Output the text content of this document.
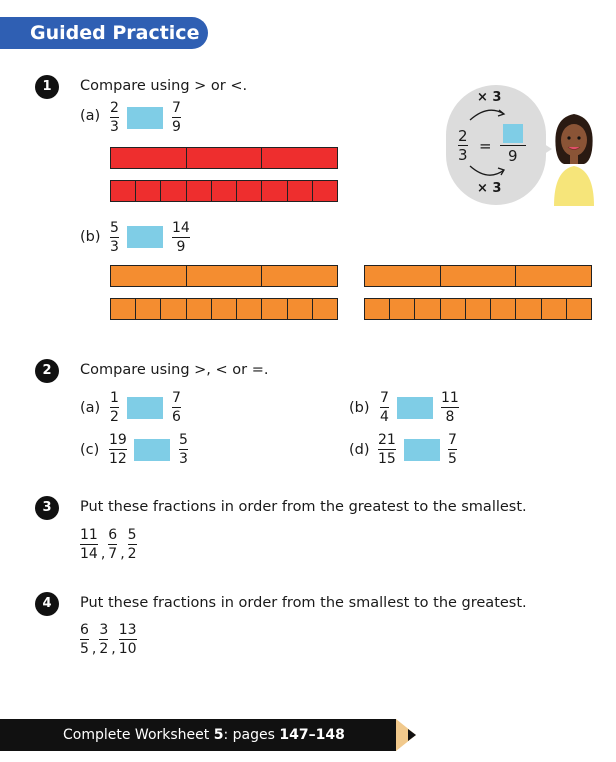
Guided Practice
1	Compare using > or <.
(a) 2
3
7
9
× 3
2
3 =
9
× 3
(b)
5
3
14
9
2	Compare using >, < or =.
(a)
1
2
7
6
(b)
7
4
11
8
(c)
19
12
5
3
(d)
21
15
7
5
3	Put these fractions in order from the greatest to the smallest.
$\frac{11}{14}$ , $\frac{6}{7}$ , $\frac{5}{2}$
4	Put these fractions in order from the smallest to the greatest.
$\frac{6}{5}$ , $\frac{3}{2}$ , $\frac{13}{10}$
Complete Worksheet 5: pages 147–148
